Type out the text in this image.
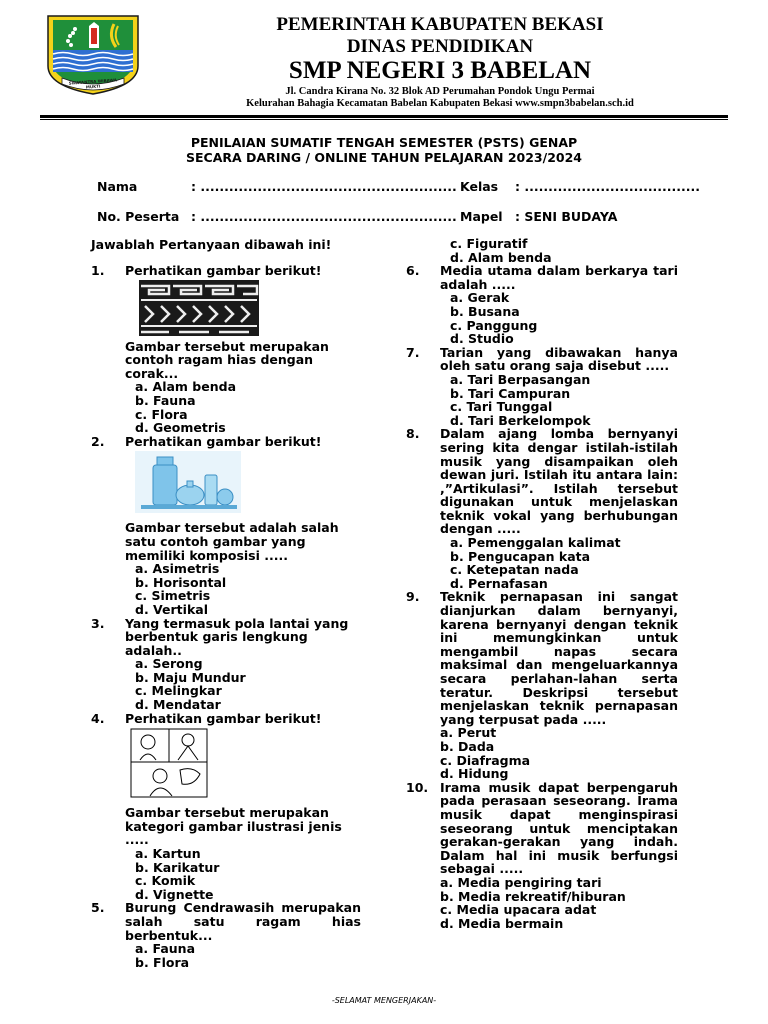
SWATANTRA WIBAWA MUKTI
PEMERINTAH KABUPATEN BEKASI
DINAS PENDIDIKAN
SMP NEGERI 3 BABELAN
Jl. Candra Kirana No. 32 Blok AD Perumahan Pondok Ungu Permai
Kelurahan Bahagia Kecamatan Babelan Kabupaten Bekasi www.smpn3babelan.sch.id
PENILAIAN SUMATIF TENGAH SEMESTER (PSTS) GENAP
SECARA DARING / ONLINE TAHUN PELAJARAN 2023/2024
Nama	: ...................................................... Kelas : .....................................
No. Peserta : ...................................................... Mapel : SENI BUDAYA
Jawablah Pertanyaan dibawah ini!
1. Perhatikan gambar berikut!
Gambar tersebut merupakan contoh ragam hias dengan corak...
a. Alam benda
b. Fauna
c. Flora
d. Geometris
2. Perhatikan gambar berikut!
Gambar tersebut adalah salah satu contoh gambar yang memiliki komposisi .....
a. Asimetris
b. Horisontal
c. Simetris
d. Vertikal
3. Yang termasuk pola lantai yang berbentuk garis lengkung adalah..
a. Serong
b. Maju Mundur
c. Melingkar
d. Mendatar
4. Perhatikan gambar berikut!
Gambar tersebut merupakan kategori gambar ilustrasi jenis .....
a. Kartun
b. Karikatur
c. Komik
d. Vignette
5. Burung Cendrawasih merupakan salah satu ragam hias berbentuk...
a. Fauna
b. Flora
c. Figuratif
d. Alam benda
6. Media utama dalam berkarya tari adalah .....
a. Gerak
b. Busana
c. Panggung
d. Studio
7. Tarian yang dibawakan hanya oleh satu orang saja disebut .....
a. Tari Berpasangan
b. Tari Campuran
c. Tari Tunggal
d. Tari Berkelompok
8. Dalam ajang lomba bernyanyi sering kita dengar istilah-istilah musik yang disampaikan oleh dewan juri. Istilah itu antara lain: ,”Artikulasi”. Istilah tersebut digunakan untuk menjelaskan teknik vokal yang berhubungan dengan .....
a. Pemenggalan kalimat
b. Pengucapan kata
c. Ketepatan nada
d. Pernafasan
9. Teknik pernapasan ini sangat dianjurkan dalam bernyanyi, karena bernyanyi dengan teknik ini memungkinkan untuk mengambil napas secara maksimal dan mengeluarkannya secara perlahan-lahan serta teratur. Deskripsi tersebut menjelaskan teknik pernapasan yang terpusat pada .....
a. Perut
b. Dada
c. Diafragma
d. Hidung
10. Irama musik dapat berpengaruh pada perasaan seseorang. Irama musik dapat menginspirasi seseorang untuk menciptakan gerakan-gerakan yang indah. Dalam hal ini musik berfungsi sebagai .....
a. Media pengiring tari
b. Media rekreatif/hiburan
c. Media upacara adat
d. Media bermain
-SELAMAT MENGERJAKAN-
